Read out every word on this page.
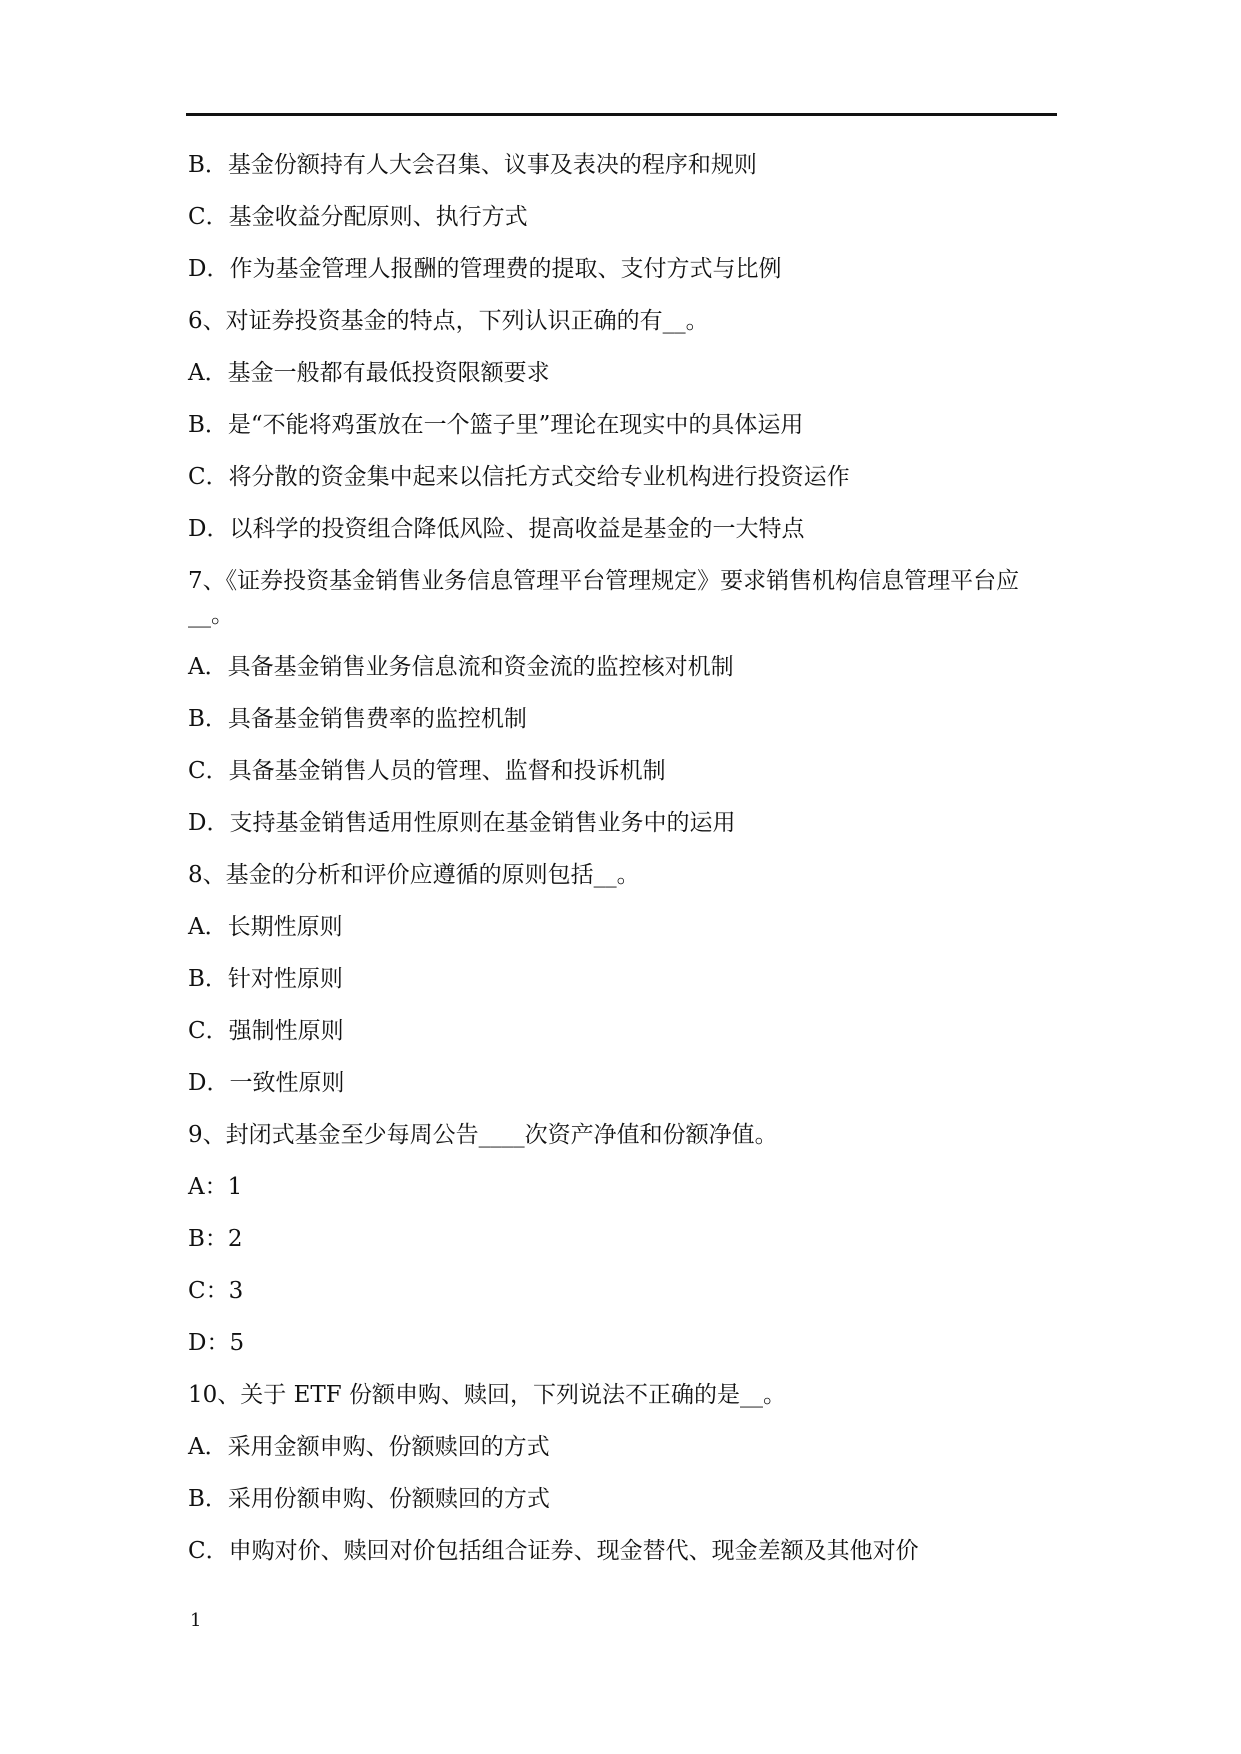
B．基金份额持有人大会召集、议事及表决的程序和规则
C．基金收益分配原则、执行方式
D．作为基金管理人报酬的管理费的提取、支付方式与比例
6、对证券投资基金的特点，下列认识正确的有__。
A．基金一般都有最低投资限额要求
B．是“不能将鸡蛋放在一个篮子里”理论在现实中的具体运用
C．将分散的资金集中起来以信托方式交给专业机构进行投资运作
D．以科学的投资组合降低风险、提高收益是基金的一大特点
7、《证券投资基金销售业务信息管理平台管理规定》要求销售机构信息管理平台应__。
A．具备基金销售业务信息流和资金流的监控核对机制
B．具备基金销售费率的监控机制
C．具备基金销售人员的管理、监督和投诉机制
D．支持基金销售适用性原则在基金销售业务中的运用
8、基金的分析和评价应遵循的原则包括__。
A．长期性原则
B．针对性原则
C．强制性原则
D．一致性原则
9、封闭式基金至少每周公告____次资产净值和份额净值。
A：1
B：2
C：3
D：5
10、关于 ETF 份额申购、赎回，下列说法不正确的是__。
A．采用金额申购、份额赎回的方式
B．采用份额申购、份额赎回的方式
C．申购对价、赎回对价包括组合证券、现金替代、现金差额及其他对价
1
